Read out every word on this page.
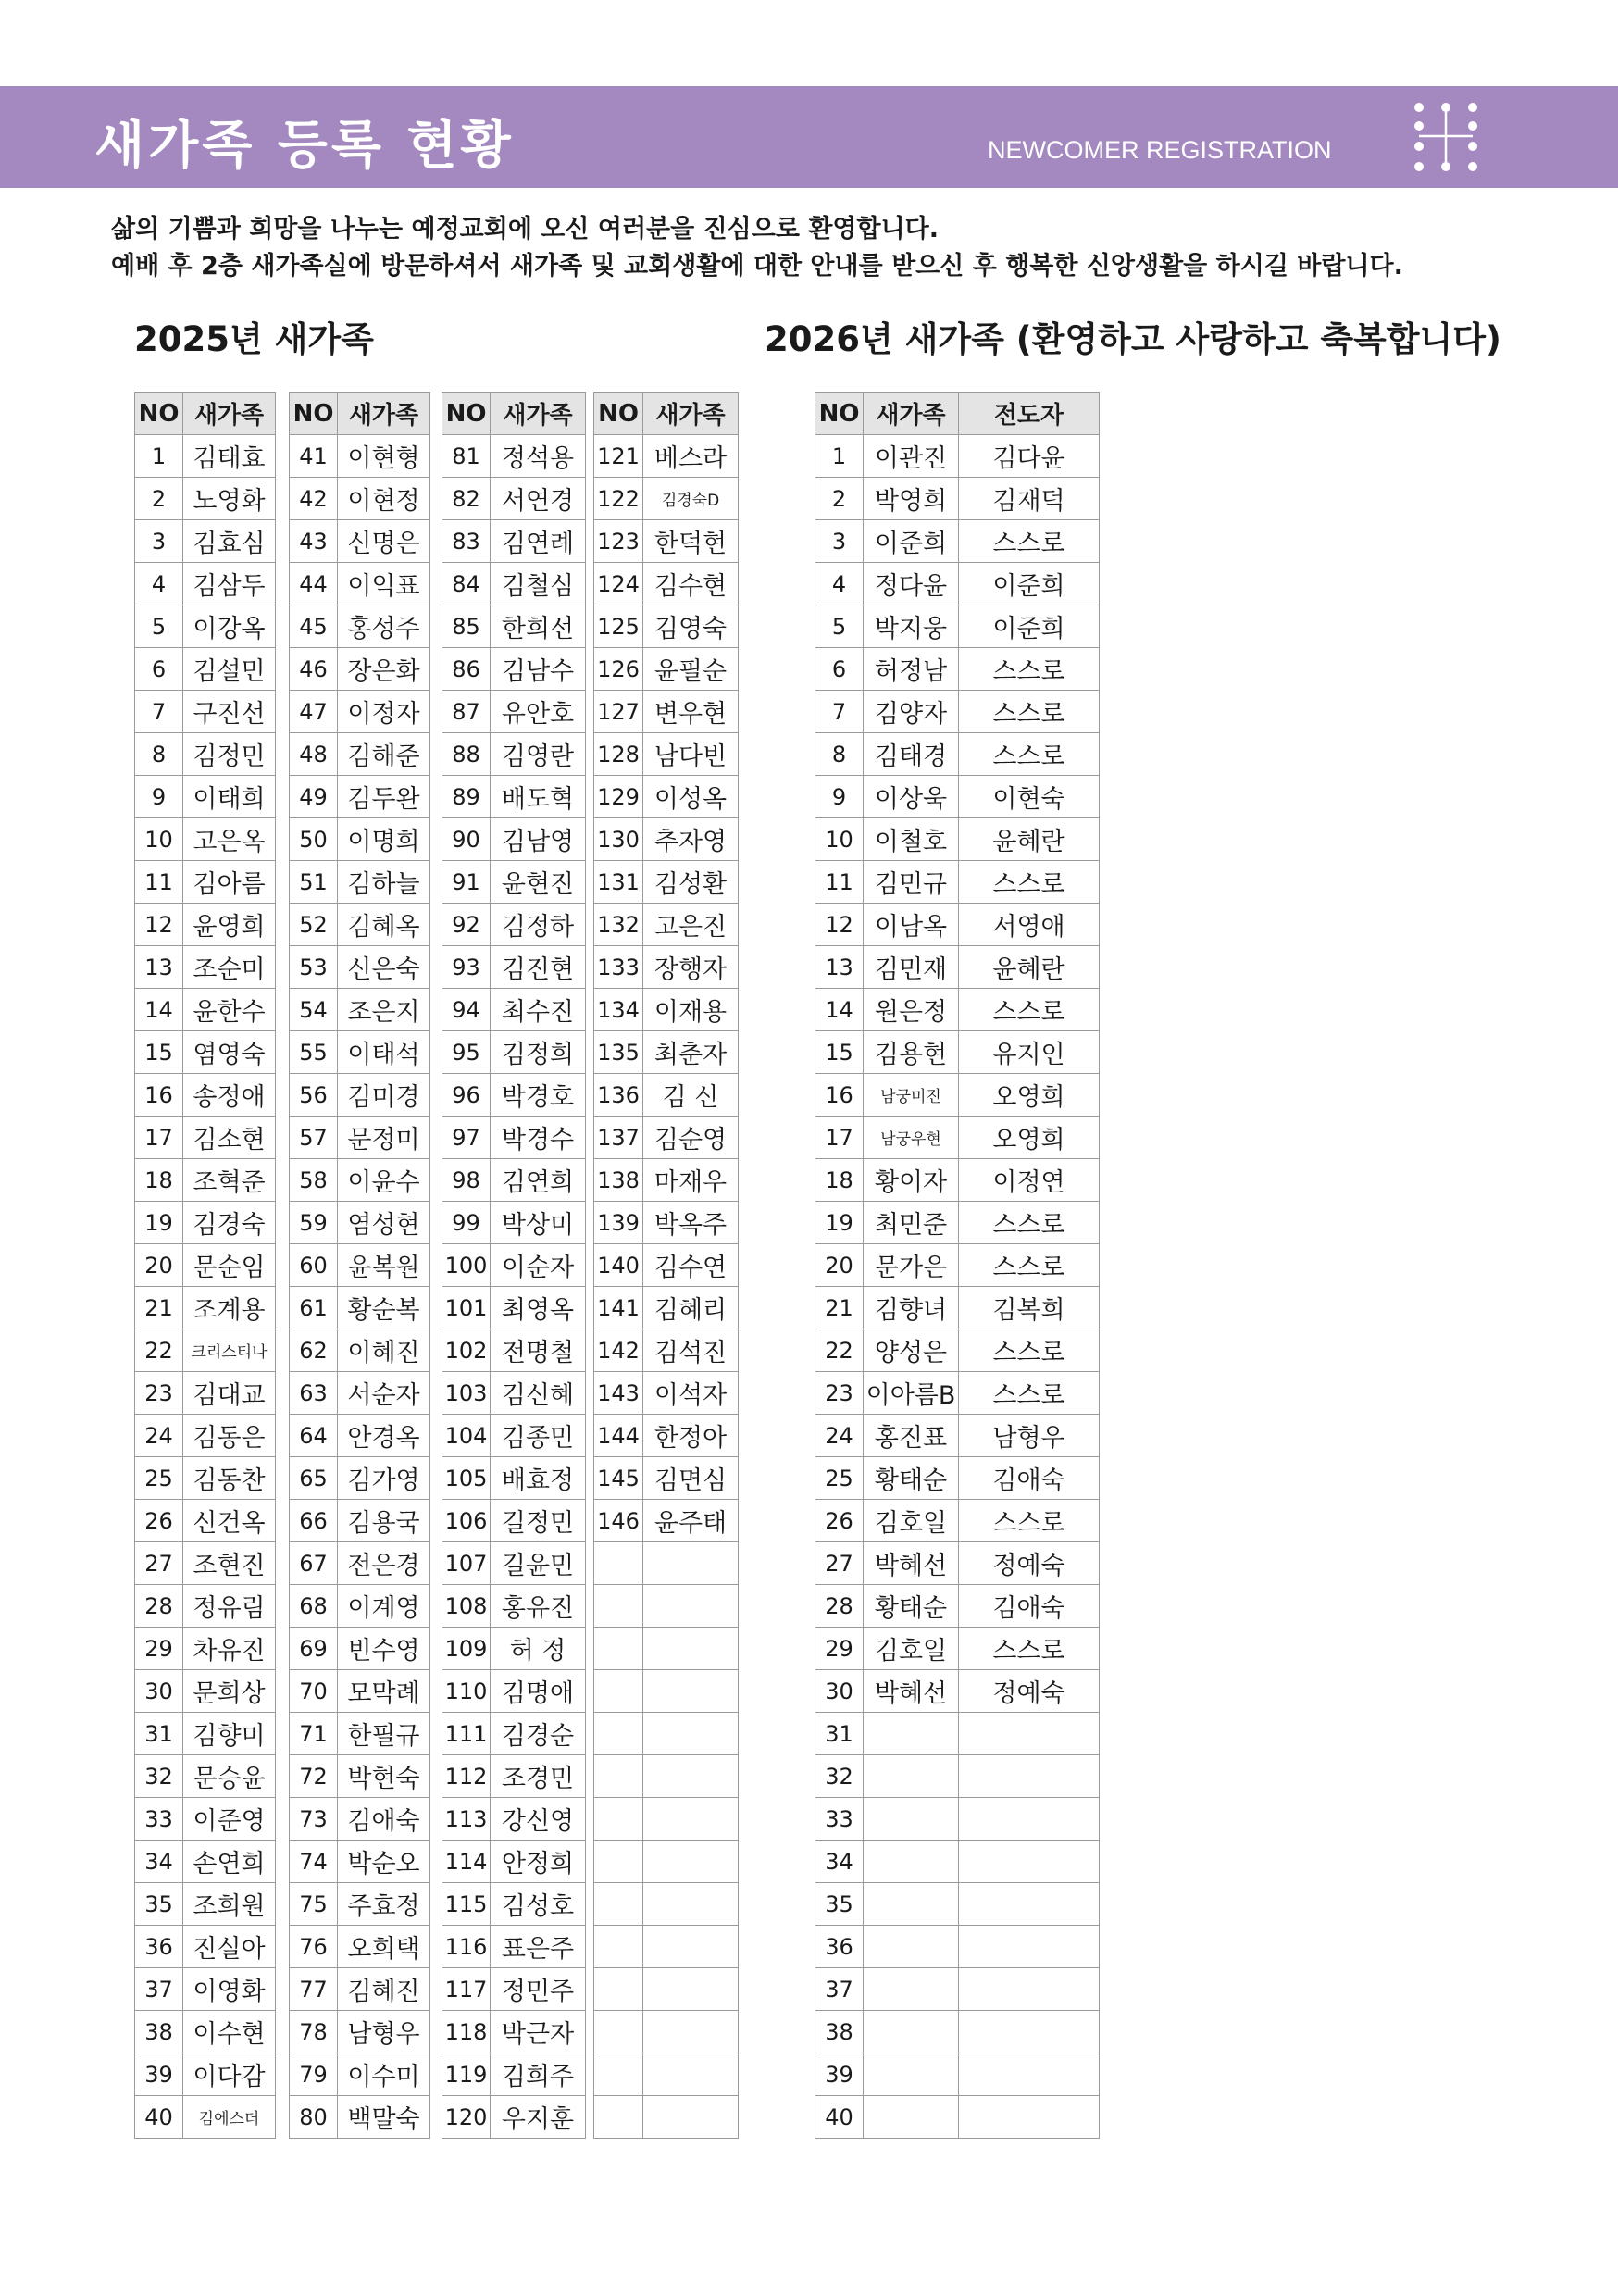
새가족 등록 현황	NEWCOMER REGISTRATION
삶의 기쁨과 희망을 나누는 예정교회에 오신 여러분을 진심으로 환영합니다.
예배 후 2층 새가족실에 방문하셔서 새가족 및 교회생활에 대한 안내를 받으신 후 행복한 신앙생활을 하시길 바랍니다.
2025년 새가족	2026년 새가족 (환영하고 사랑하고 축복합니다)
NO	새가족
1	김태효
2	노영화
3	김효심
4	김삼두
5	이강옥
6	김설민
7	구진선
8	김정민
9	이태희
10	고은옥
11	김아름
12	윤영희
13	조순미
14	윤한수
15	염영숙
16	송정애
17	김소현
18	조혁준
19	김경숙
20	문순임
21	조계용
22	크리스티나
23	김대교
24	김동은
25	김동찬
26	신건옥
27	조현진
28	정유림
29	차유진
30	문희상
31	김향미
32	문승윤
33	이준영
34	손연희
35	조희원
36	진실아
37	이영화
38	이수현
39	이다감
40	김에스더
NO	새가족
41	이현형
42	이현정
43	신명은
44	이익표
45	홍성주
46	장은화
47	이정자
48	김해준
49	김두완
50	이명희
51	김하늘
52	김혜옥
53	신은숙
54	조은지
55	이태석
56	김미경
57	문정미
58	이윤수
59	염성현
60	윤복원
61	황순복
62	이혜진
63	서순자
64	안경옥
65	김가영
66	김용국
67	전은경
68	이계영
69	빈수영
70	모막례
71	한필규
72	박현숙
73	김애숙
74	박순오
75	주효정
76	오희택
77	김혜진
78	남형우
79	이수미
80	백말숙
NO	새가족
81	정석용
82	서연경
83	김연례
84	김철심
85	한희선
86	김남수
87	유안호
88	김영란
89	배도혁
90	김남영
91	윤현진
92	김정하
93	김진현
94	최수진
95	김정희
96	박경호
97	박경수
98	김연희
99	박상미
100	이순자
101	최영옥
102	전명철
103	김신혜
104	김종민
105	배효정
106	길정민
107	길윤민
108	홍유진
109	허 정
110	김명애
111	김경순
112	조경민
113	강신영
114	안정희
115	김성호
116	표은주
117	정민주
118	박근자
119	김희주
120	우지훈
NO	새가족
121	베스라
122	김경숙D
123	한덕현
124	김수현
125	김영숙
126	윤필순
127	변우현
128	남다빈
129	이성옥
130	추자영
131	김성환
132	고은진
133	장행자
134	이재용
135	최춘자
136	김 신
137	김순영
138	마재우
139	박옥주
140	김수연
141	김혜리
142	김석진
143	이석자
144	한정아
145	김면심
146	윤주태

NO	새가족	전도자
1	이관진	김다윤
2	박영희	김재덕
3	이준희	스스로
4	정다윤	이준희
5	박지웅	이준희
6	허정남	스스로
7	김양자	스스로
8	김태경	스스로
9	이상욱	이현숙
10	이철호	윤혜란
11	김민규	스스로
12	이남옥	서영애
13	김민재	윤혜란
14	원은정	스스로
15	김용현	유지인
16	남궁미진	오영희
17	남궁우현	오영희
18	황이자	이정연
19	최민준	스스로
20	문가은	스스로
21	김향녀	김복희
22	양성은	스스로
23	이아름B	스스로
24	홍진표	남형우
25	황태순	김애숙
26	김호일	스스로
27	박혜선	정예숙
28	황태순	김애숙
29	김호일	스스로
30	박혜선	정예숙
31		
32		
33		
34		
35		
36		
37		
38		
39		
40		
